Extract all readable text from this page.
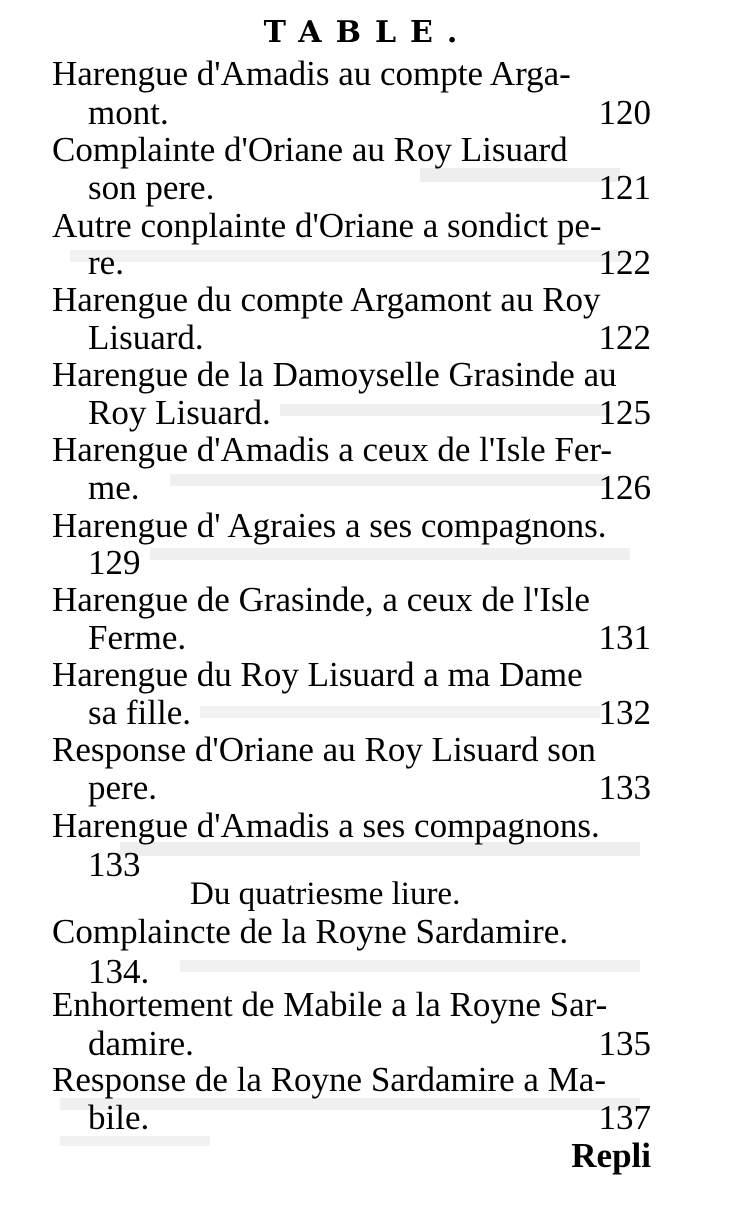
TABLE.
Harengue d'Amadis au compte Arga-
mont.	120
Complainte d'Oriane au Roy Lisuard
son pere.	121
Autre conplainte d'Oriane a sondict pe-
re.	122
Harengue du compte Argamont au Roy
Lisuard.	122
Harengue de la Damoyselle Grasinde au
Roy Lisuard.	125
Harengue d'Amadis a ceux de l'Isle Fer-
me.	126
Harengue d' Agraies a ses compagnons.
129
Harengue de Grasinde, a ceux de l'Isle
Ferme.	131
Harengue du Roy Lisuard a ma Dame
sa fille.	132
Responsе d'Oriane au Roy Lisuard son
pere.	133
Harengue d'Amadis a ses compagnons.
133
Du quatriesme liure.
Complaincte de la Royne Sardamire.
134.
Enhortement de Mabile a la Royne Sar-
damire.	135
Responsе de la Royne Sardamire a Ma-
bile.	137
Repli
